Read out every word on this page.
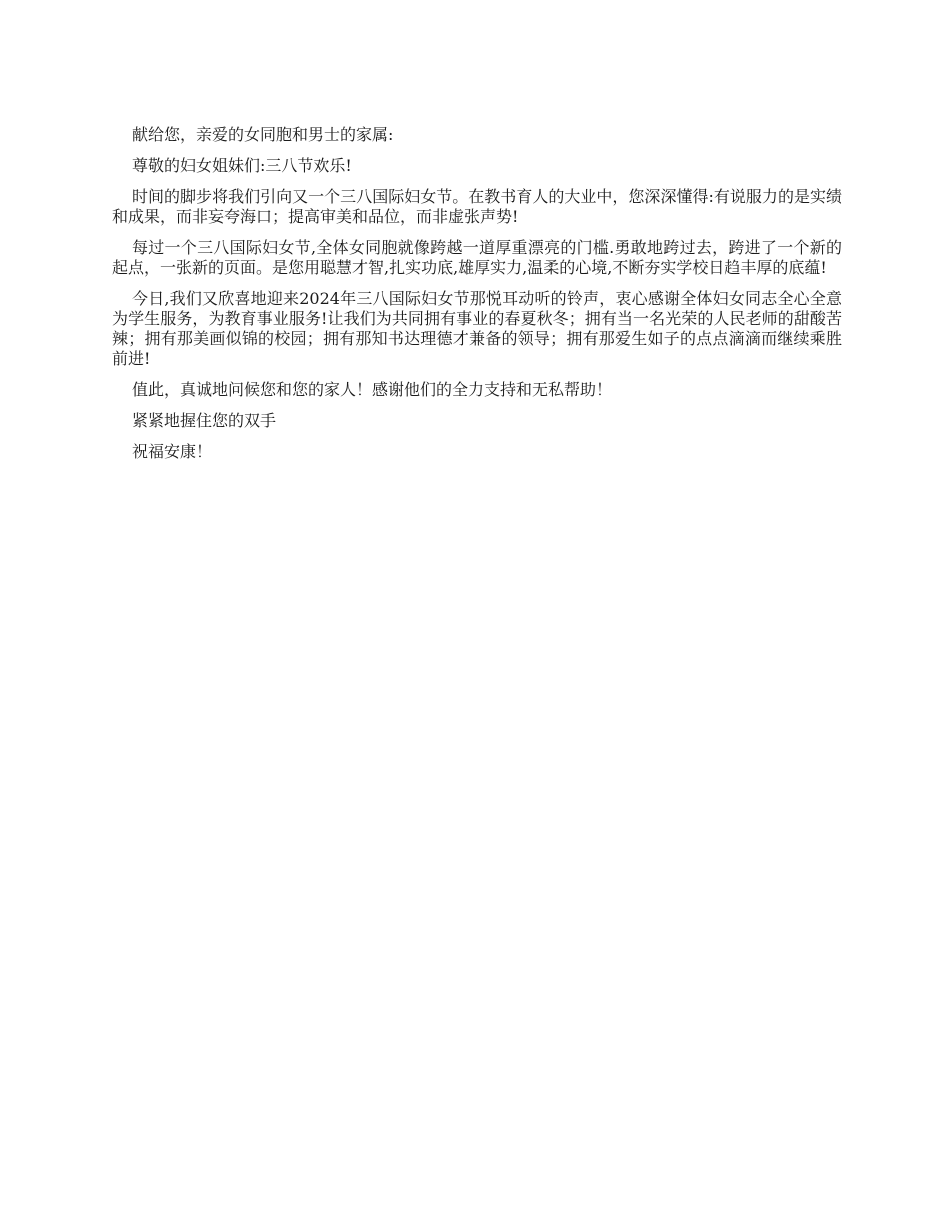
献给您，亲爱的女同胞和男士的家属:

尊敬的妇女姐妹们:三八节欢乐!

时间的脚步将我们引向又一个三八国际妇女节。在教书育人的大业中，您深深懂得:有说服力的是实绩和成果，而非妄夸海口；提高审美和品位，而非虚张声势!

每过一个三八国际妇女节,全体女同胞就像跨越一道厚重漂亮的门槛.勇敢地跨过去，跨进了一个新的起点，一张新的页面。是您用聪慧才智,扎实功底,雄厚实力,温柔的心境,不断夯实学校日趋丰厚的底蕴!

今日,我们又欣喜地迎来2024年三八国际妇女节那悦耳动听的铃声，衷心感谢全体妇女同志全心全意为学生服务，为教育事业服务!让我们为共同拥有事业的春夏秋冬；拥有当一名光荣的人民老师的甜酸苦辣；拥有那美画似锦的校园；拥有那知书达理德才兼备的领导；拥有那爱生如子的点点滴滴而继续乘胜前进!

值此，真诚地问候您和您的家人！感谢他们的全力支持和无私帮助！

紧紧地握住您的双手

祝福安康！
